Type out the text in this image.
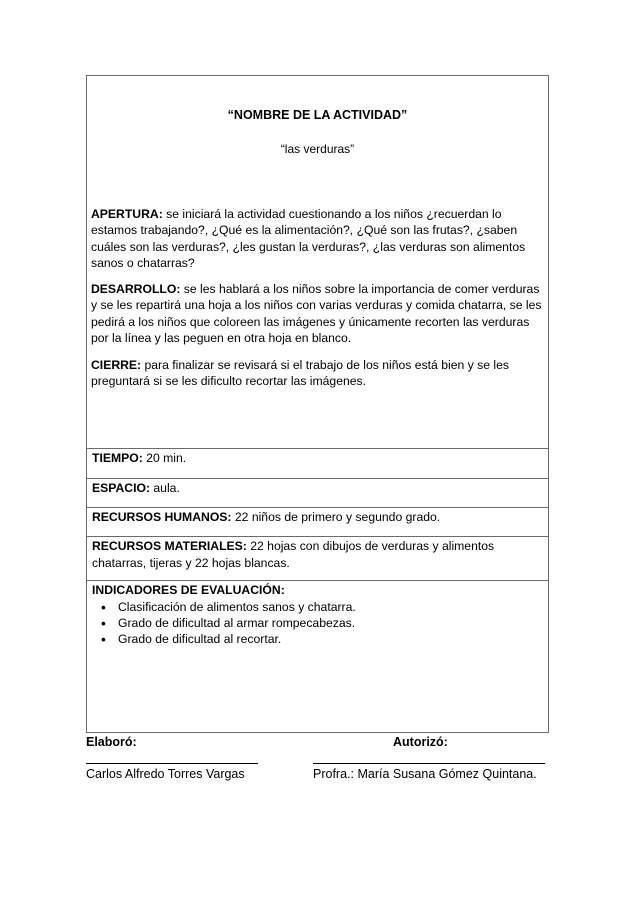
“NOMBRE DE LA ACTIVIDAD”
“las verduras”
APERTURA: se iniciará la actividad cuestionando a los niños ¿recuerdan lo estamos trabajando?, ¿Qué es la alimentación?, ¿Qué son las frutas?, ¿saben cuáles son las verduras?, ¿les gustan la verduras?, ¿las verduras son alimentos sanos o chatarras?
DESARROLLO: se les hablará a los niños sobre la importancia de comer verduras y se les repartirá una hoja a los niños con varias verduras y comida chatarra, se les pedirá a los niños que coloreen las imágenes y únicamente recorten las verduras por la línea y las peguen en otra hoja en blanco.
CIERRE: para finalizar se revisará si el trabajo de los niños está bien y se les preguntará si se les dificulto recortar las imágenes.
TIEMPO: 20 min.
ESPACIO: aula.
RECURSOS HUMANOS: 22 niños de primero y segundo grado.
RECURSOS MATERIALES: 22 hojas con dibujos de verduras y alimentos chatarras, tijeras y 22 hojas blancas.
INDICADORES DE EVALUACIÓN:
• Clasificación de alimentos sanos y chatarra.
• Grado de dificultad al armar rompecabezas.
• Grado de dificultad al recortar.
Elaboró:	Autorizó:
Carlos Alfredo Torres Vargas	Profra.: María Susana Gómez Quintana.
